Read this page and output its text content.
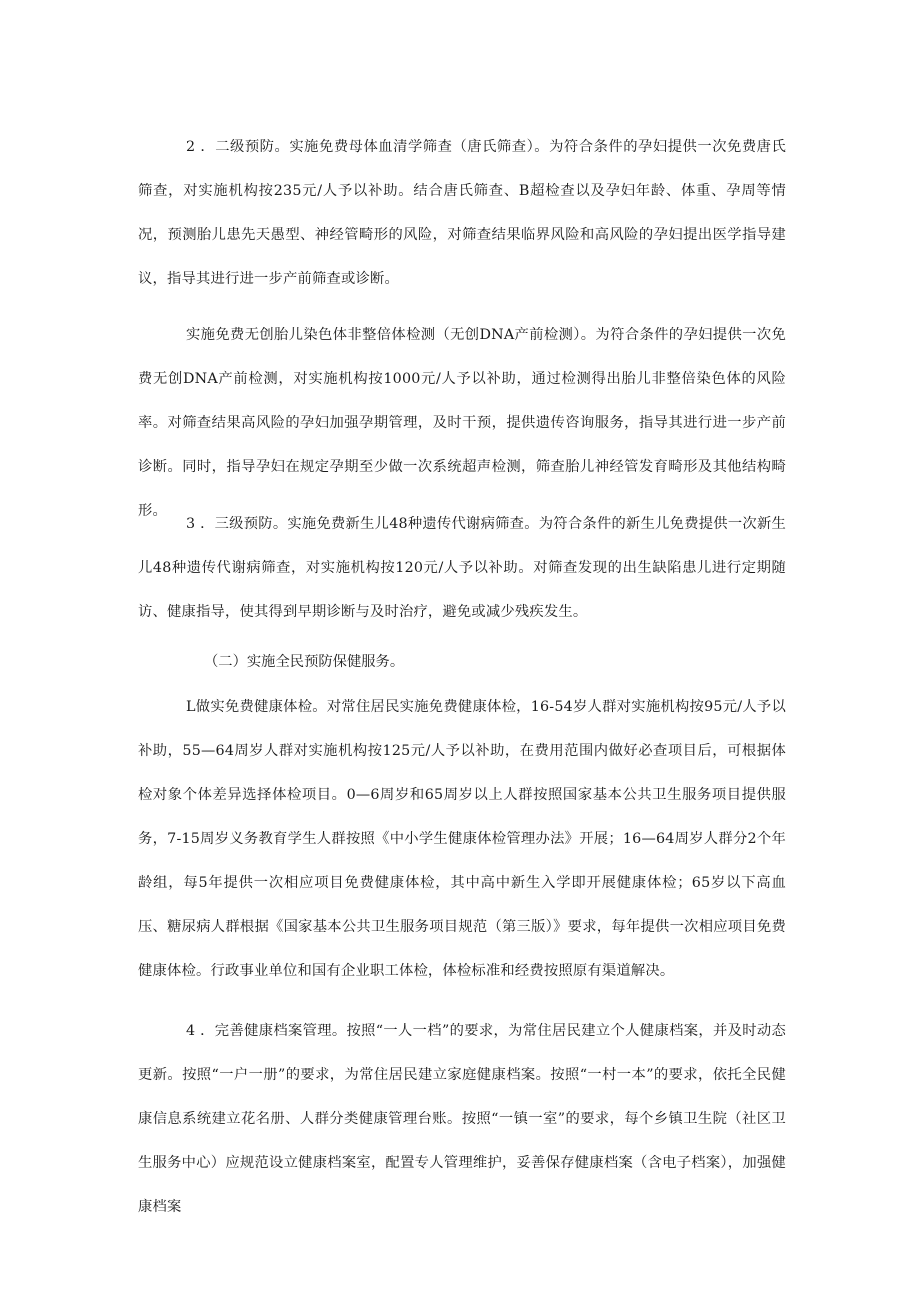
2 ．二级预防。实施免费母体血清学筛查（唐氏筛查）。为符合条件的孕妇提供一次免费唐氏筛查，对实施机构按235元/人予以补助。结合唐氏筛查、B超检查以及孕妇年龄、体重、孕周等情况，预测胎儿患先天愚型、神经管畸形的风险，对筛查结果临界风险和高风险的孕妇提出医学指导建议，指导其进行进一步产前筛查或诊断。

实施免费无创胎儿染色体非整倍体检测（无创DNA产前检测）。为符合条件的孕妇提供一次免费无创DNA产前检测，对实施机构按1000元/人予以补助，通过检测得出胎儿非整倍染色体的风险率。对筛查结果高风险的孕妇加强孕期管理，及时干预，提供遗传咨询服务，指导其进行进一步产前诊断。同时，指导孕妇在规定孕期至少做一次系统超声检测，筛查胎儿神经管发育畸形及其他结构畸形。

3 ．三级预防。实施免费新生儿48种遗传代谢病筛查。为符合条件的新生儿免费提供一次新生儿48种遗传代谢病筛查，对实施机构按120元/人予以补助。对筛查发现的出生缺陷患儿进行定期随访、健康指导，使其得到早期诊断与及时治疗，避免或减少残疾发生。

（二）实施全民预防保健服务。

L做实免费健康体检。对常住居民实施免费健康体检，16-54岁人群对实施机构按95元/人予以补助，55—64周岁人群对实施机构按125元/人予以补助，在费用范围内做好必查项目后，可根据体检对象个体差异选择体检项目。0—6周岁和65周岁以上人群按照国家基本公共卫生服务项目提供服务，7-15周岁义务教育学生人群按照《中小学生健康体检管理办法》开展；16—64周岁人群分2个年龄组，每5年提供一次相应项目免费健康体检，其中高中新生入学即开展健康体检；65岁以下高血压、糖尿病人群根据《国家基本公共卫生服务项目规范（第三版）》要求，每年提供一次相应项目免费健康体检。行政事业单位和国有企业职工体检，体检标准和经费按照原有渠道解决。

4 ．完善健康档案管理。按照“一人一档”的要求，为常住居民建立个人健康档案，并及时动态更新。按照“一户一册”的要求，为常住居民建立家庭健康档案。按照“一村一本”的要求，依托全民健康信息系统建立花名册、人群分类健康管理台账。按照“一镇一室”的要求，每个乡镇卫生院（社区卫生服务中心）应规范设立健康档案室，配置专人管理维护，妥善保存健康档案（含电子档案），加强健康档案
